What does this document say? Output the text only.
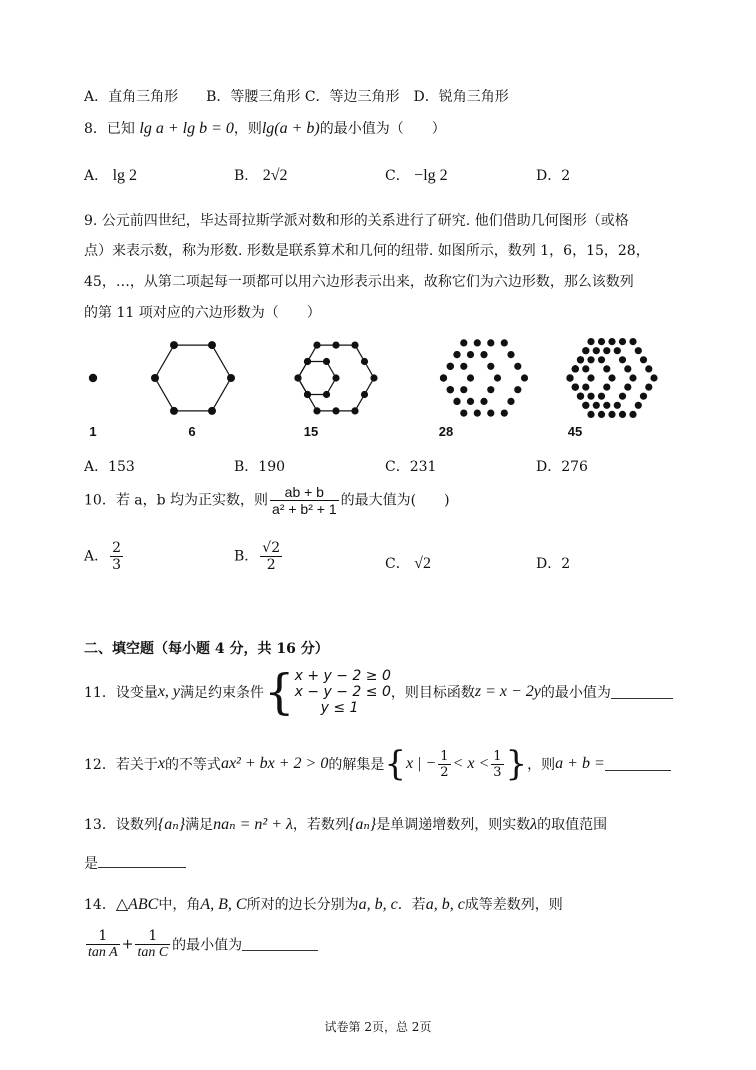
A．直角三角形　　B．等腰三角形 C．等边三角形　D．锐角三角形
8．已知 lg a + lg b = 0，则lg(a + b)的最小值为（　　）
A． lg 2	B． 2√2	C． −lg 2	D．2
9. 公元前四世纪，毕达哥拉斯学派对数和形的关系进行了研究. 他们借助几何图形（或格
点）来表示数，称为形数. 形数是联系算术和几何的纽带. 如图所示，数列 1，6，15，28，
45，…，从第二项起每一项都可以用六边形表示出来，故称它们为六边形数，那么该数列
的第 11 项对应的六边形数为（　　）
1	6	15	28	45
A．153	B．190	C．231	D．276
10．若 a，b 均为正实数，则 $\frac{ab + b}{\text{a² + b² + 1}}$ 的最大值为(　　)
A． $\frac{2}{3}$	B． $\frac{√2}{2}$	C． √2	D．2
二、填空题（每小题 4 分，共 16 分）
11．设变量x, y满足约束条件{ x + y − 2 ≥ 0
x − y − 2 ≤ 0
y ≤ 1
，则目标函数z = x − 2y的最小值为
12．若关于x的不等式ax² + bx + 2 > 0的解集是{x | − $\frac{1}{2} < x < \frac{1}{3}$ }，则a + b =
13．设数列{aₙ}满足naₙ = n² + λ，若数列{aₙ}是单调递增数列，则实数λ的取值范围
是
14．△ABC中，角A, B, C所对的边长分别为a, b, c．若a, b, c成等差数列，则
$\frac{1}{\text{tan A}} + \frac{1}{\text{tan C}}$ 的最小值为
试卷第 2页，总 2页
